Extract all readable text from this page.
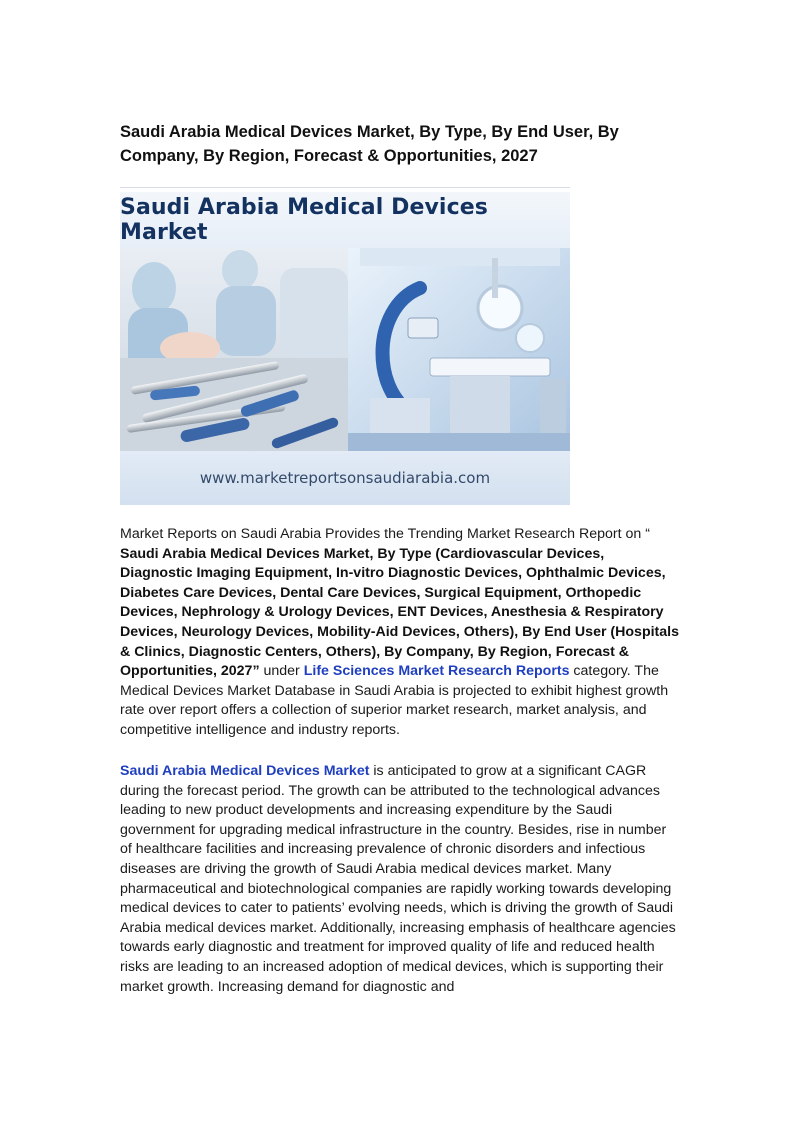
Saudi Arabia Medical Devices Market, By Type, By End User, By Company, By Region, Forecast & Opportunities, 2027
Saudi Arabia Medical Devices Market
www.marketreportsonsaudiarabia.com
Market Reports on Saudi Arabia Provides the Trending Market Research Report on “ Saudi Arabia Medical Devices Market, By Type (Cardiovascular Devices, Diagnostic Imaging Equipment, In-vitro Diagnostic Devices, Ophthalmic Devices, Diabetes Care Devices, Dental Care Devices, Surgical Equipment, Orthopedic Devices, Nephrology & Urology Devices, ENT Devices, Anesthesia & Respiratory Devices, Neurology Devices, Mobility-Aid Devices, Others), By End User (Hospitals & Clinics, Diagnostic Centers, Others), By Company, By Region, Forecast & Opportunities, 2027” under Life Sciences Market Research Reports category. The Medical Devices Market Database in Saudi Arabia is projected to exhibit highest growth rate over report offers a collection of superior market research, market analysis, and competitive intelligence and industry reports.
Saudi Arabia Medical Devices Market is anticipated to grow at a significant CAGR during the forecast period. The growth can be attributed to the technological advances leading to new product developments and increasing expenditure by the Saudi government for upgrading medical infrastructure in the country. Besides, rise in number of healthcare facilities and increasing prevalence of chronic disorders and infectious diseases are driving the growth of Saudi Arabia medical devices market. Many pharmaceutical and biotechnological companies are rapidly working towards developing medical devices to cater to patients’ evolving needs, which is driving the growth of Saudi Arabia medical devices market. Additionally, increasing emphasis of healthcare agencies towards early diagnostic and treatment for improved quality of life and reduced health risks are leading to an increased adoption of medical devices, which is supporting their market growth. Increasing demand for diagnostic and
